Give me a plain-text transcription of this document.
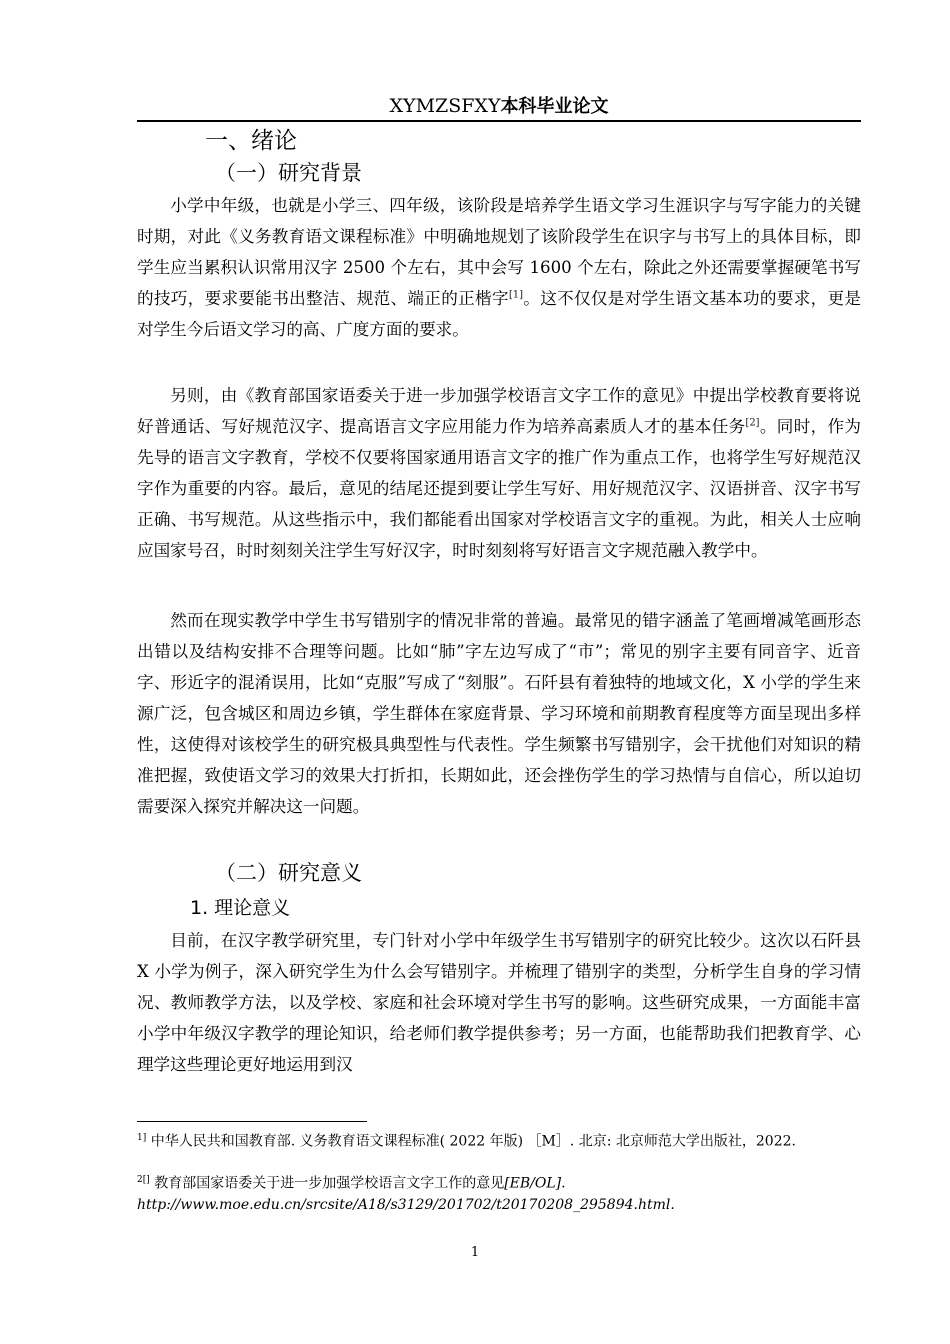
XYMZSFXY本科毕业论文
一、绪论
（一）研究背景

小学中年级，也就是小学三、四年级，该阶段是培养学生语文学习生涯识字与写字能力的关键时期，对此《义务教育语文课程标准》中明确地规划了该阶段学生在识字与书写上的具体目标，即学生应当累积认识常用汉字 2500 个左右，其中会写 1600 个左右，除此之外还需要掌握硬笔书写的技巧，要求要能书出整洁、规范、端正的正楷字[1]。这不仅仅是对学生语文基本功的要求，更是对学生今后语文学习的高、广度方面的要求。

另则，由《教育部国家语委关于进一步加强学校语言文字工作的意见》中提出学校教育要将说好普通话、写好规范汉字、提高语言文字应用能力作为培养高素质人才的基本任务[2]。同时，作为先导的语言文字教育，学校不仅要将国家通用语言文字的推广作为重点工作，也将学生写好规范汉字作为重要的内容。最后，意见的结尾还提到要让学生写好、用好规范汉字、汉语拼音、汉字书写正确、书写规范。从这些指示中，我们都能看出国家对学校语言文字的重视。为此，相关人士应响应国家号召，时时刻刻关注学生写好汉字，时时刻刻将写好语言文字规范融入教学中。

然而在现实教学中学生书写错别字的情况非常的普遍。最常见的错字涵盖了笔画增减笔画形态出错以及结构安排不合理等问题。比如“肺”字左边写成了“市”；常见的别字主要有同音字、近音字、形近字的混淆误用，比如“克服”写成了“刻服”。石阡县有着独特的地域文化，X 小学的学生来源广泛，包含城区和周边乡镇，学生群体在家庭背景、学习环境和前期教育程度等方面呈现出多样性，这使得对该校学生的研究极具典型性与代表性。学生频繁书写错别字，会干扰他们对知识的精准把握，致使语文学习的效果大打折扣，长期如此，还会挫伤学生的学习热情与自信心，所以迫切需要深入探究并解决这一问题。

（二）研究意义
1. 理论意义

目前，在汉字教学研究里，专门针对小学中年级学生书写错别字的研究比较少。这次以石阡县 X 小学为例子，深入研究学生为什么会写错别字。并梳理了错别字的类型，分析学生自身的学习情况、教师教学方法，以及学校、家庭和社会环境对学生书写的影响。这些研究成果，一方面能丰富小学中年级汉字教学的理论知识，给老师们教学提供参考；另一方面，也能帮助我们把教育学、心理学这些理论更好地运用到汉

$^{1]}$ 中华人民共和国教育部. 义务教育语文课程标准( 2022 年版) ［M］. 北京: 北京师范大学出版社，2022.
$^{2[]}$ 教育部国家语委关于进一步加强学校语言文字工作的意见[EB/OL]. http://www.moe.edu.cn/srcsite/A18/s3129/201702/t20170208_295894.html.
1
